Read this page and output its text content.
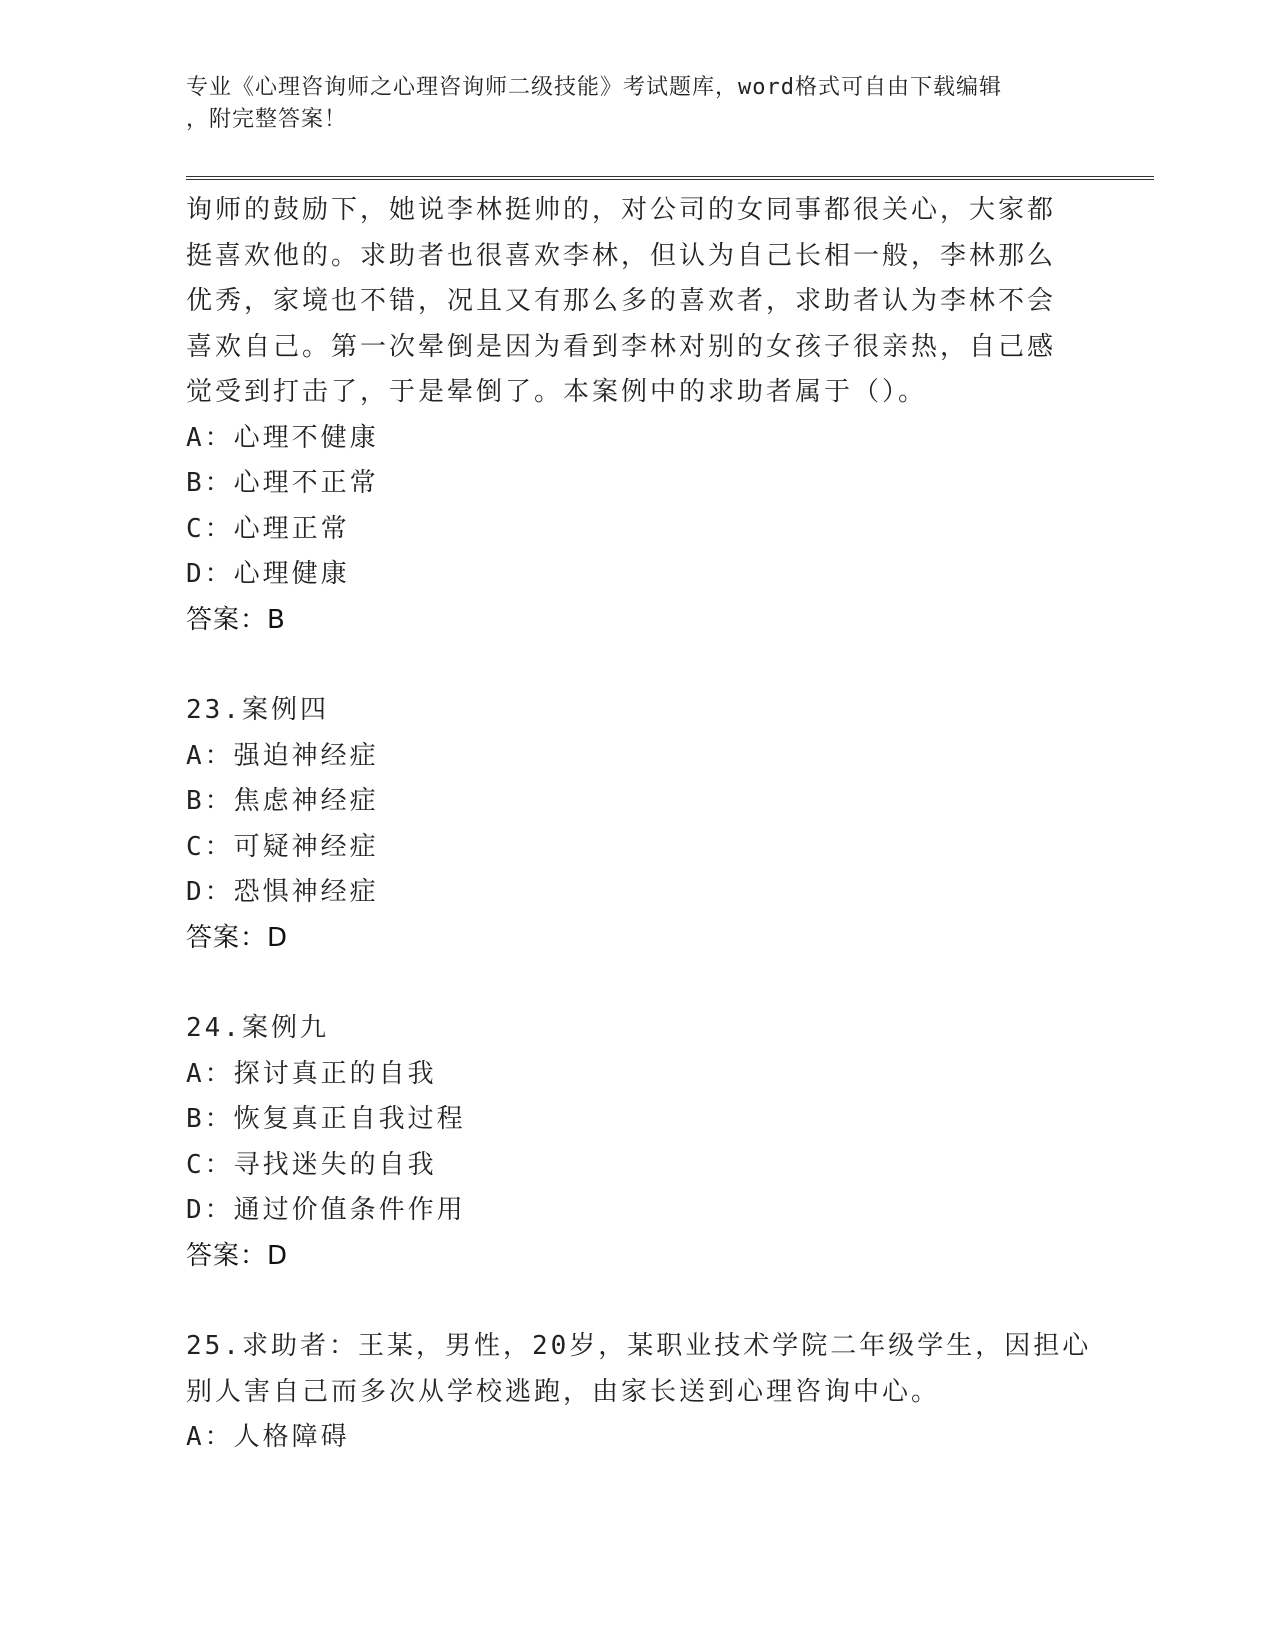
专业《心理咨询师之心理咨询师二级技能》考试题库，word格式可自由下载编辑
，附完整答案！
询师的鼓励下，她说李林挺帅的，对公司的女同事都很关心，大家都
挺喜欢他的。求助者也很喜欢李林，但认为自己长相一般，李林那么
优秀，家境也不错，况且又有那么多的喜欢者，求助者认为李林不会
喜欢自己。第一次晕倒是因为看到李林对别的女孩子很亲热，自己感
觉受到打击了，于是晕倒了。本案例中的求助者属于（）。
A：心理不健康
B：心理不正常
C：心理正常
D：心理健康
答案：B
23.案例四
A：强迫神经症
B：焦虑神经症
C：可疑神经症
D：恐惧神经症
答案：D
24.案例九
A：探讨真正的自我
B：恢复真正自我过程
C：寻找迷失的自我
D：通过价值条件作用
答案：D
25.求助者：王某，男性，20岁，某职业技术学院二年级学生，因担心
别人害自己而多次从学校逃跑，由家长送到心理咨询中心。
A：人格障碍
